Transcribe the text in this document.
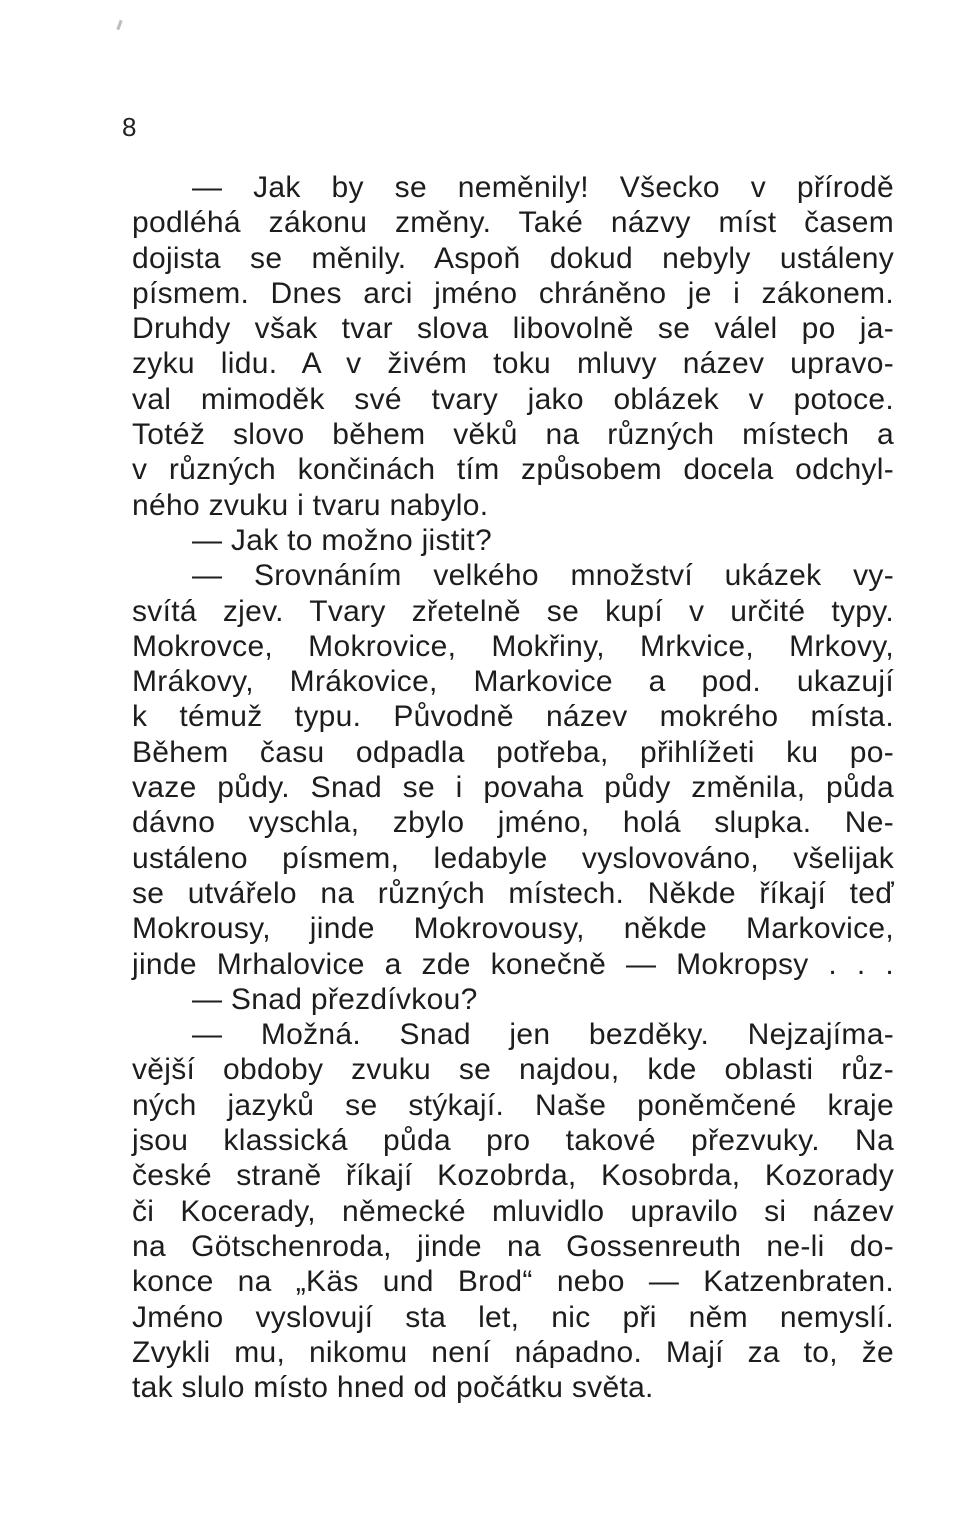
8
— Jak by se neměnily! Všecko v přírodě
podléhá zákonu změny. Také názvy míst časem
dojista se měnily. Aspoň dokud nebyly ustáleny
písmem. Dnes arci jméno chráněno je i zákonem.
Druhdy však tvar slova libovolně se válel po ja-
zyku lidu. A v živém toku mluvy název upravo-
val mimoděk své tvary jako oblázek v potoce.
Totéž slovo během věků na různých místech a
v různých končinách tím způsobem docela odchyl-
ného zvuku i tvaru nabylo.
— Jak to možno jistit?
— Srovnáním velkého množství ukázek vy-
svítá zjev. Tvary zřetelně se kupí v určité typy.
Mokrovce, Mokrovice, Mokřiny, Mrkvice, Mrkovy,
Mrákovy, Mrákovice, Markovice a pod. ukazují
k témuž typu. Původně název mokrého místa.
Během času odpadla potřeba, přihlížeti ku po-
vaze půdy. Snad se i povaha půdy změnila, půda
dávno vyschla, zbylo jméno, holá slupka. Ne-
ustáleno písmem, ledabyle vyslovováno, všelijak
se utvářelo na různých místech. Někde říkají teď
Mokrousy, jinde Mokrovousy, někde Markovice,
jinde Mrhalovice a zde konečně — Mokropsy . . .
— Snad přezdívkou?
— Možná. Snad jen bezděky. Nejzajíma-
vější obdoby zvuku se najdou, kde oblasti růz-
ných jazyků se stýkají. Naše poněmčené kraje
jsou klassická půda pro takové přezvuky. Na
české straně říkají Kozobrda, Kosobrda, Kozorady
či Kocerady, německé mluvidlo upravilo si název
na Götschenroda, jinde na Gossenreuth ne-li do-
konce na „Käs und Brod“ nebo — Katzenbraten.
Jméno vyslovují sta let, nic při něm nemyslí.
Zvykli mu, nikomu není nápadno. Mají za to, že
tak slulo místo hned od počátku světa.
